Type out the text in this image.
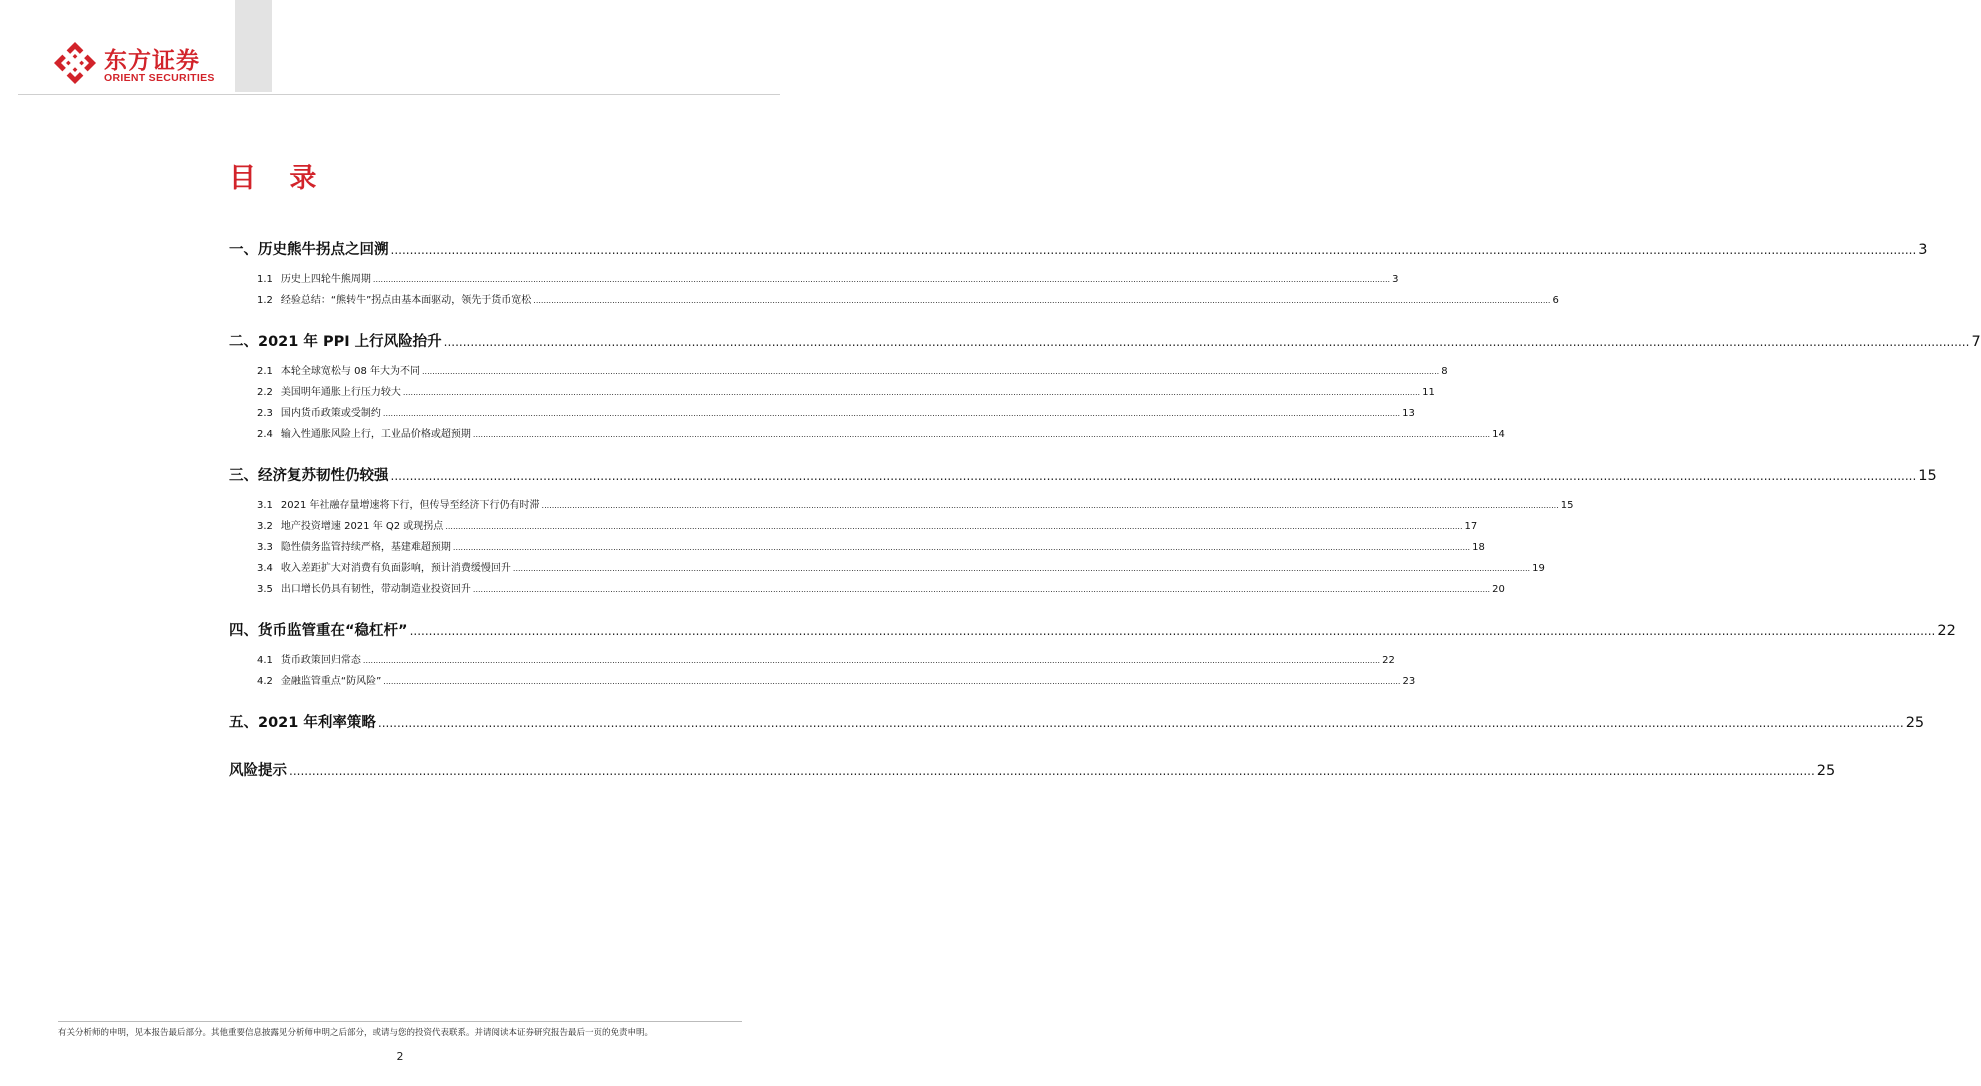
东方证券
ORIENT SECURITIES
目 录
一、历史熊牛拐点之回溯 ................................................................................................................................................................................................................................................................................................................................................................................................................ 3
1.1 历史上四轮牛熊周期 ................................................................................................................................................................................................................................................................................................................................................................................................................ 3
1.2 经验总结：“熊转牛”拐点由基本面驱动，领先于货币宽松 ................................................................................................................................................................................................................................................................................................................................................................................................................ 6
二、2021 年 PPI 上行风险抬升 ................................................................................................................................................................................................................................................................................................................................................................................................................ 7
2.1 本轮全球宽松与 08 年大为不同 ................................................................................................................................................................................................................................................................................................................................................................................................................ 8
2.2 美国明年通胀上行压力较大 ................................................................................................................................................................................................................................................................................................................................................................................................................ 11
2.3 国内货币政策或受制约 ................................................................................................................................................................................................................................................................................................................................................................................................................ 13
2.4 输入性通胀风险上行，工业品价格或超预期 ................................................................................................................................................................................................................................................................................................................................................................................................................ 14
三、经济复苏韧性仍较强 ................................................................................................................................................................................................................................................................................................................................................................................................................ 15
3.1 2021 年社融存量增速将下行，但传导至经济下行仍有时滞 ................................................................................................................................................................................................................................................................................................................................................................................................................ 15
3.2 地产投资增速 2021 年 Q2 或现拐点 ................................................................................................................................................................................................................................................................................................................................................................................................................ 17
3.3 隐性债务监管持续严格，基建难超预期 ................................................................................................................................................................................................................................................................................................................................................................................................................ 18
3.4 收入差距扩大对消费有负面影响，预计消费缓慢回升 ................................................................................................................................................................................................................................................................................................................................................................................................................ 19
3.5 出口增长仍具有韧性，带动制造业投资回升 ................................................................................................................................................................................................................................................................................................................................................................................................................ 20
四、货币监管重在“稳杠杆” ................................................................................................................................................................................................................................................................................................................................................................................................................ 22
4.1 货币政策回归常态 ................................................................................................................................................................................................................................................................................................................................................................................................................ 22
4.2 金融监管重点“防风险” ................................................................................................................................................................................................................................................................................................................................................................................................................ 23
五、2021 年利率策略 ................................................................................................................................................................................................................................................................................................................................................................................................................ 25
风险提示 ................................................................................................................................................................................................................................................................................................................................................................................................................ 25
有关分析师的申明，见本报告最后部分。其他重要信息披露见分析师申明之后部分，或请与您的投资代表联系。并请阅读本证券研究报告最后一页的免责申明。
2
